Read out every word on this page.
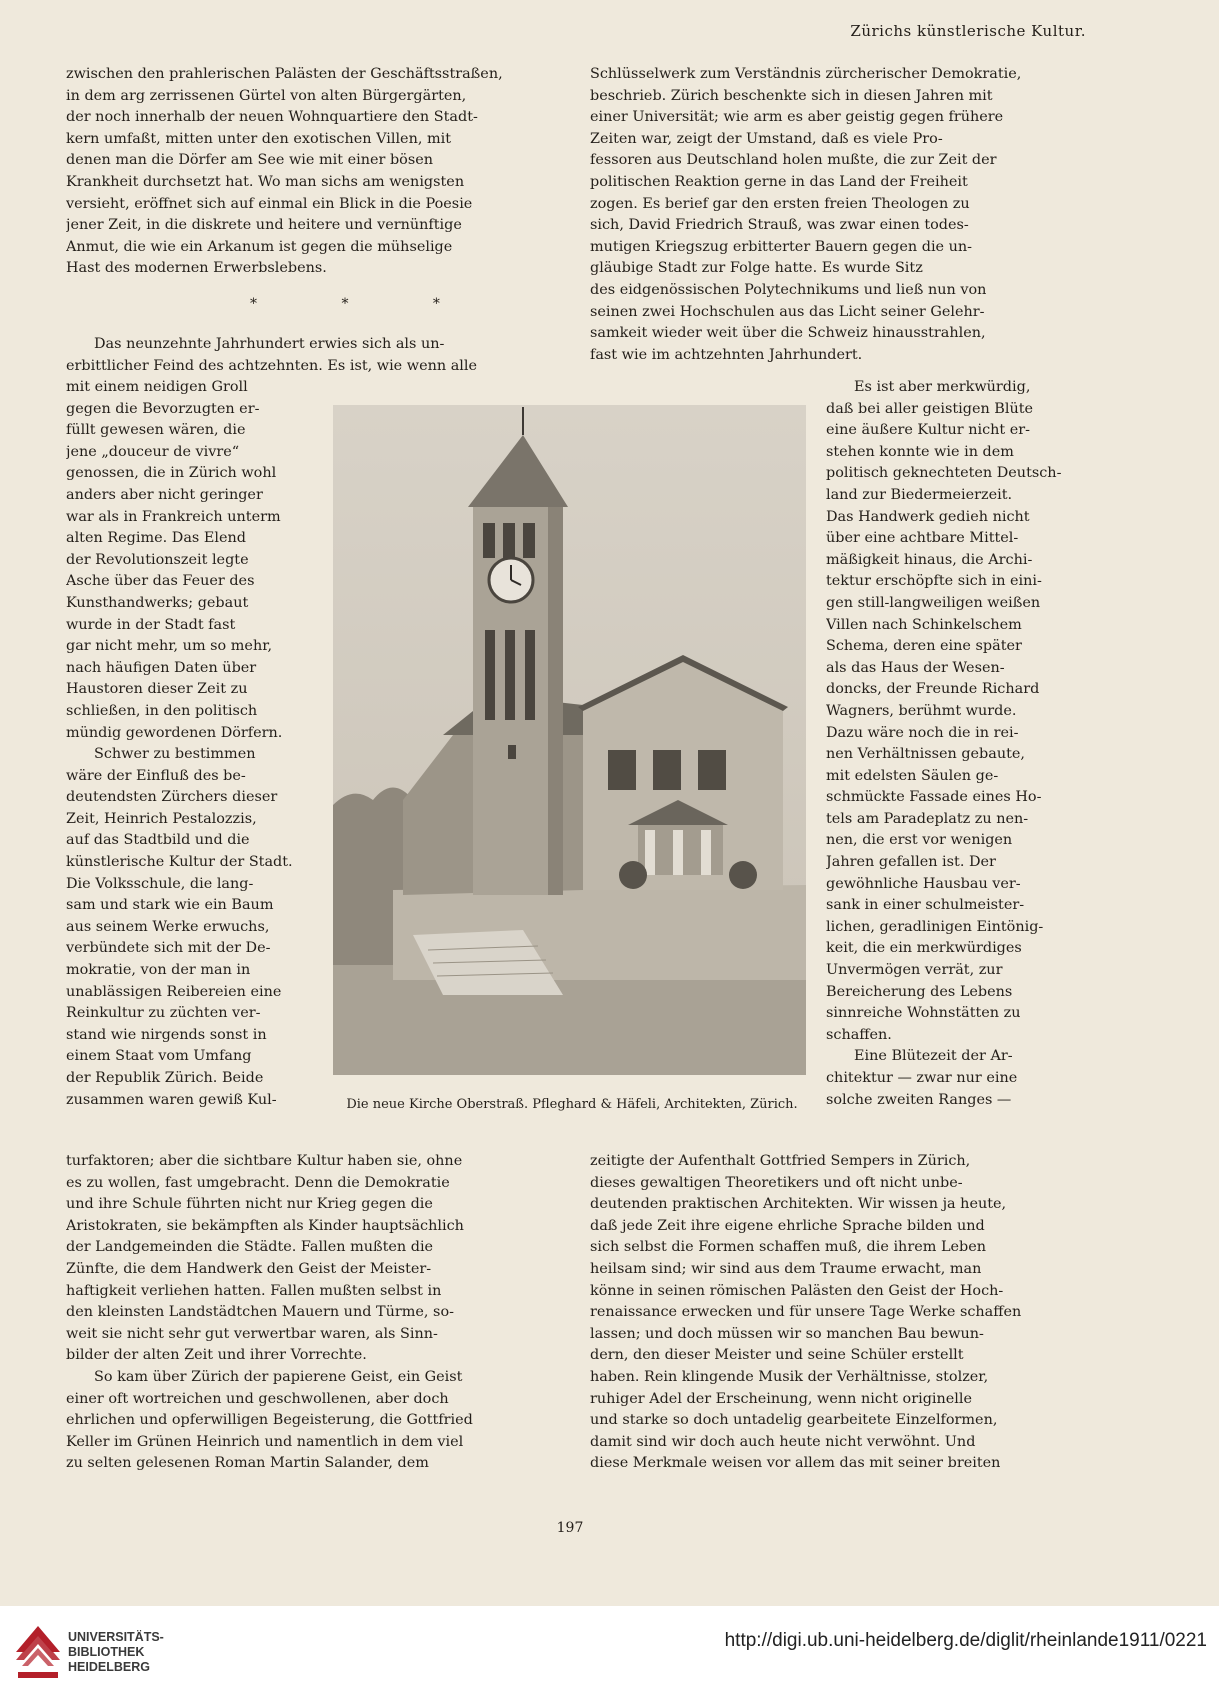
Zürichs künstlerische Kultur.
zwischen den prahlerischen Palästen der Geschäftsstraßen,
in dem arg zerrissenen Gürtel von alten Bürgergärten,
der noch innerhalb der neuen Wohnquartiere den Stadt-
kern umfaßt, mitten unter den exotischen Villen, mit
denen man die Dörfer am See wie mit einer bösen
Krankheit durchsetzt hat. Wo man sichs am wenigsten
versieht, eröffnet sich auf einmal ein Blick in die Poesie
jener Zeit, in die diskrete und heitere und vernünftige
Anmut, die wie ein Arkanum ist gegen die mühselige
Hast des modernen Erwerbslebens.
* * *
Das neunzehnte Jahrhundert erwies sich als un-
erbittlicher Feind des achtzehnten. Es ist, wie wenn alle
mit einem neidigen Groll
gegen die Bevorzugten er-
füllt gewesen wären, die
jene „douceur de vivre“
genossen, die in Zürich wohl
anders aber nicht geringer
war als in Frankreich unterm
alten Regime. Das Elend
der Revolutionszeit legte
Asche über das Feuer des
Kunsthandwerks; gebaut
wurde in der Stadt fast
gar nicht mehr, um so mehr,
nach häufigen Daten über
Haustoren dieser Zeit zu
schließen, in den politisch
mündig gewordenen Dörfern.
Schwer zu bestimmen
wäre der Einfluß des be-
deutendsten Zürchers dieser
Zeit, Heinrich Pestalozzis,
auf das Stadtbild und die
künstlerische Kultur der Stadt.
Die Volksschule, die lang-
sam und stark wie ein Baum
aus seinem Werke erwuchs,
verbündete sich mit der De-
mokratie, von der man in
unablässigen Reibereien eine
Reinkultur zu züchten ver-
stand wie nirgends sonst in
einem Staat vom Umfang
der Republik Zürich. Beide
zusammen waren gewiß Kul-
Schlüsselwerk zum Verständnis zürcherischer Demokratie,
beschrieb. Zürich beschenkte sich in diesen Jahren mit
einer Universität; wie arm es aber geistig gegen frühere
Zeiten war, zeigt der Umstand, daß es viele Pro-
fessoren aus Deutschland holen mußte, die zur Zeit der
politischen Reaktion gerne in das Land der Freiheit
zogen. Es berief gar den ersten freien Theologen zu
sich, David Friedrich Strauß, was zwar einen todes-
mutigen Kriegszug erbitterter Bauern gegen die un-
gläubige Stadt zur Folge hatte. Es wurde Sitz
des eidgenössischen Polytechnikums und ließ nun von
seinen zwei Hochschulen aus das Licht seiner Gelehr-
samkeit wieder weit über die Schweiz hinausstrahlen,
fast wie im achtzehnten Jahrhundert.
Es ist aber merkwürdig,
daß bei aller geistigen Blüte
eine äußere Kultur nicht er-
stehen konnte wie in dem
politisch geknechteten Deutsch-
land zur Biedermeierzeit.
Das Handwerk gedieh nicht
über eine achtbare Mittel-
mäßigkeit hinaus, die Archi-
tektur erschöpfte sich in eini-
gen still-langweiligen weißen
Villen nach Schinkelschem
Schema, deren eine später
als das Haus der Wesen-
doncks, der Freunde Richard
Wagners, berühmt wurde.
Dazu wäre noch die in rei-
nen Verhältnissen gebaute,
mit edelsten Säulen ge-
schmückte Fassade eines Ho-
tels am Paradeplatz zu nen-
nen, die erst vor wenigen
Jahren gefallen ist. Der
gewöhnliche Hausbau ver-
sank in einer schulmeister-
lichen, geradlinigen Eintönig-
keit, die ein merkwürdiges
Unvermögen verrät, zur
Bereicherung des Lebens
sinnreiche Wohnstätten zu
schaffen.
Eine Blütezeit der Ar-
chitektur — zwar nur eine
solche zweiten Ranges —
turfaktoren; aber die sichtbare Kultur haben sie, ohne
es zu wollen, fast umgebracht. Denn die Demokratie
und ihre Schule führten nicht nur Krieg gegen die
Aristokraten, sie bekämpften als Kinder hauptsächlich
der Landgemeinden die Städte. Fallen mußten die
Zünfte, die dem Handwerk den Geist der Meister-
haftigkeit verliehen hatten. Fallen mußten selbst in
den kleinsten Landstädtchen Mauern und Türme, so-
weit sie nicht sehr gut verwertbar waren, als Sinn-
bilder der alten Zeit und ihrer Vorrechte.
So kam über Zürich der papierene Geist, ein Geist
einer oft wortreichen und geschwollenen, aber doch
ehrlichen und opferwilligen Begeisterung, die Gottfried
Keller im Grünen Heinrich und namentlich in dem viel
zu selten gelesenen Roman Martin Salander, dem
zeitigte der Aufenthalt Gottfried Sempers in Zürich,
dieses gewaltigen Theoretikers und oft nicht unbe-
deutenden praktischen Architekten. Wir wissen ja heute,
daß jede Zeit ihre eigene ehrliche Sprache bilden und
sich selbst die Formen schaffen muß, die ihrem Leben
heilsam sind; wir sind aus dem Traume erwacht, man
könne in seinen römischen Palästen den Geist der Hoch-
renaissance erwecken und für unsere Tage Werke schaffen
lassen; und doch müssen wir so manchen Bau bewun-
dern, den dieser Meister und seine Schüler erstellt
haben. Rein klingende Musik der Verhältnisse, stolzer,
ruhiger Adel der Erscheinung, wenn nicht originelle
und starke so doch untadelig gearbeitete Einzelformen,
damit sind wir doch auch heute nicht verwöhnt. Und
diese Merkmale weisen vor allem das mit seiner breiten
Die neue Kirche Oberstraß. Pfleghard & Häfeli, Architekten, Zürich.
197
UNIVERSITÄTS-
BIBLIOTHEK
HEIDELBERG
http://digi.ub.uni-heidelberg.de/diglit/rheinlande1911/0221
